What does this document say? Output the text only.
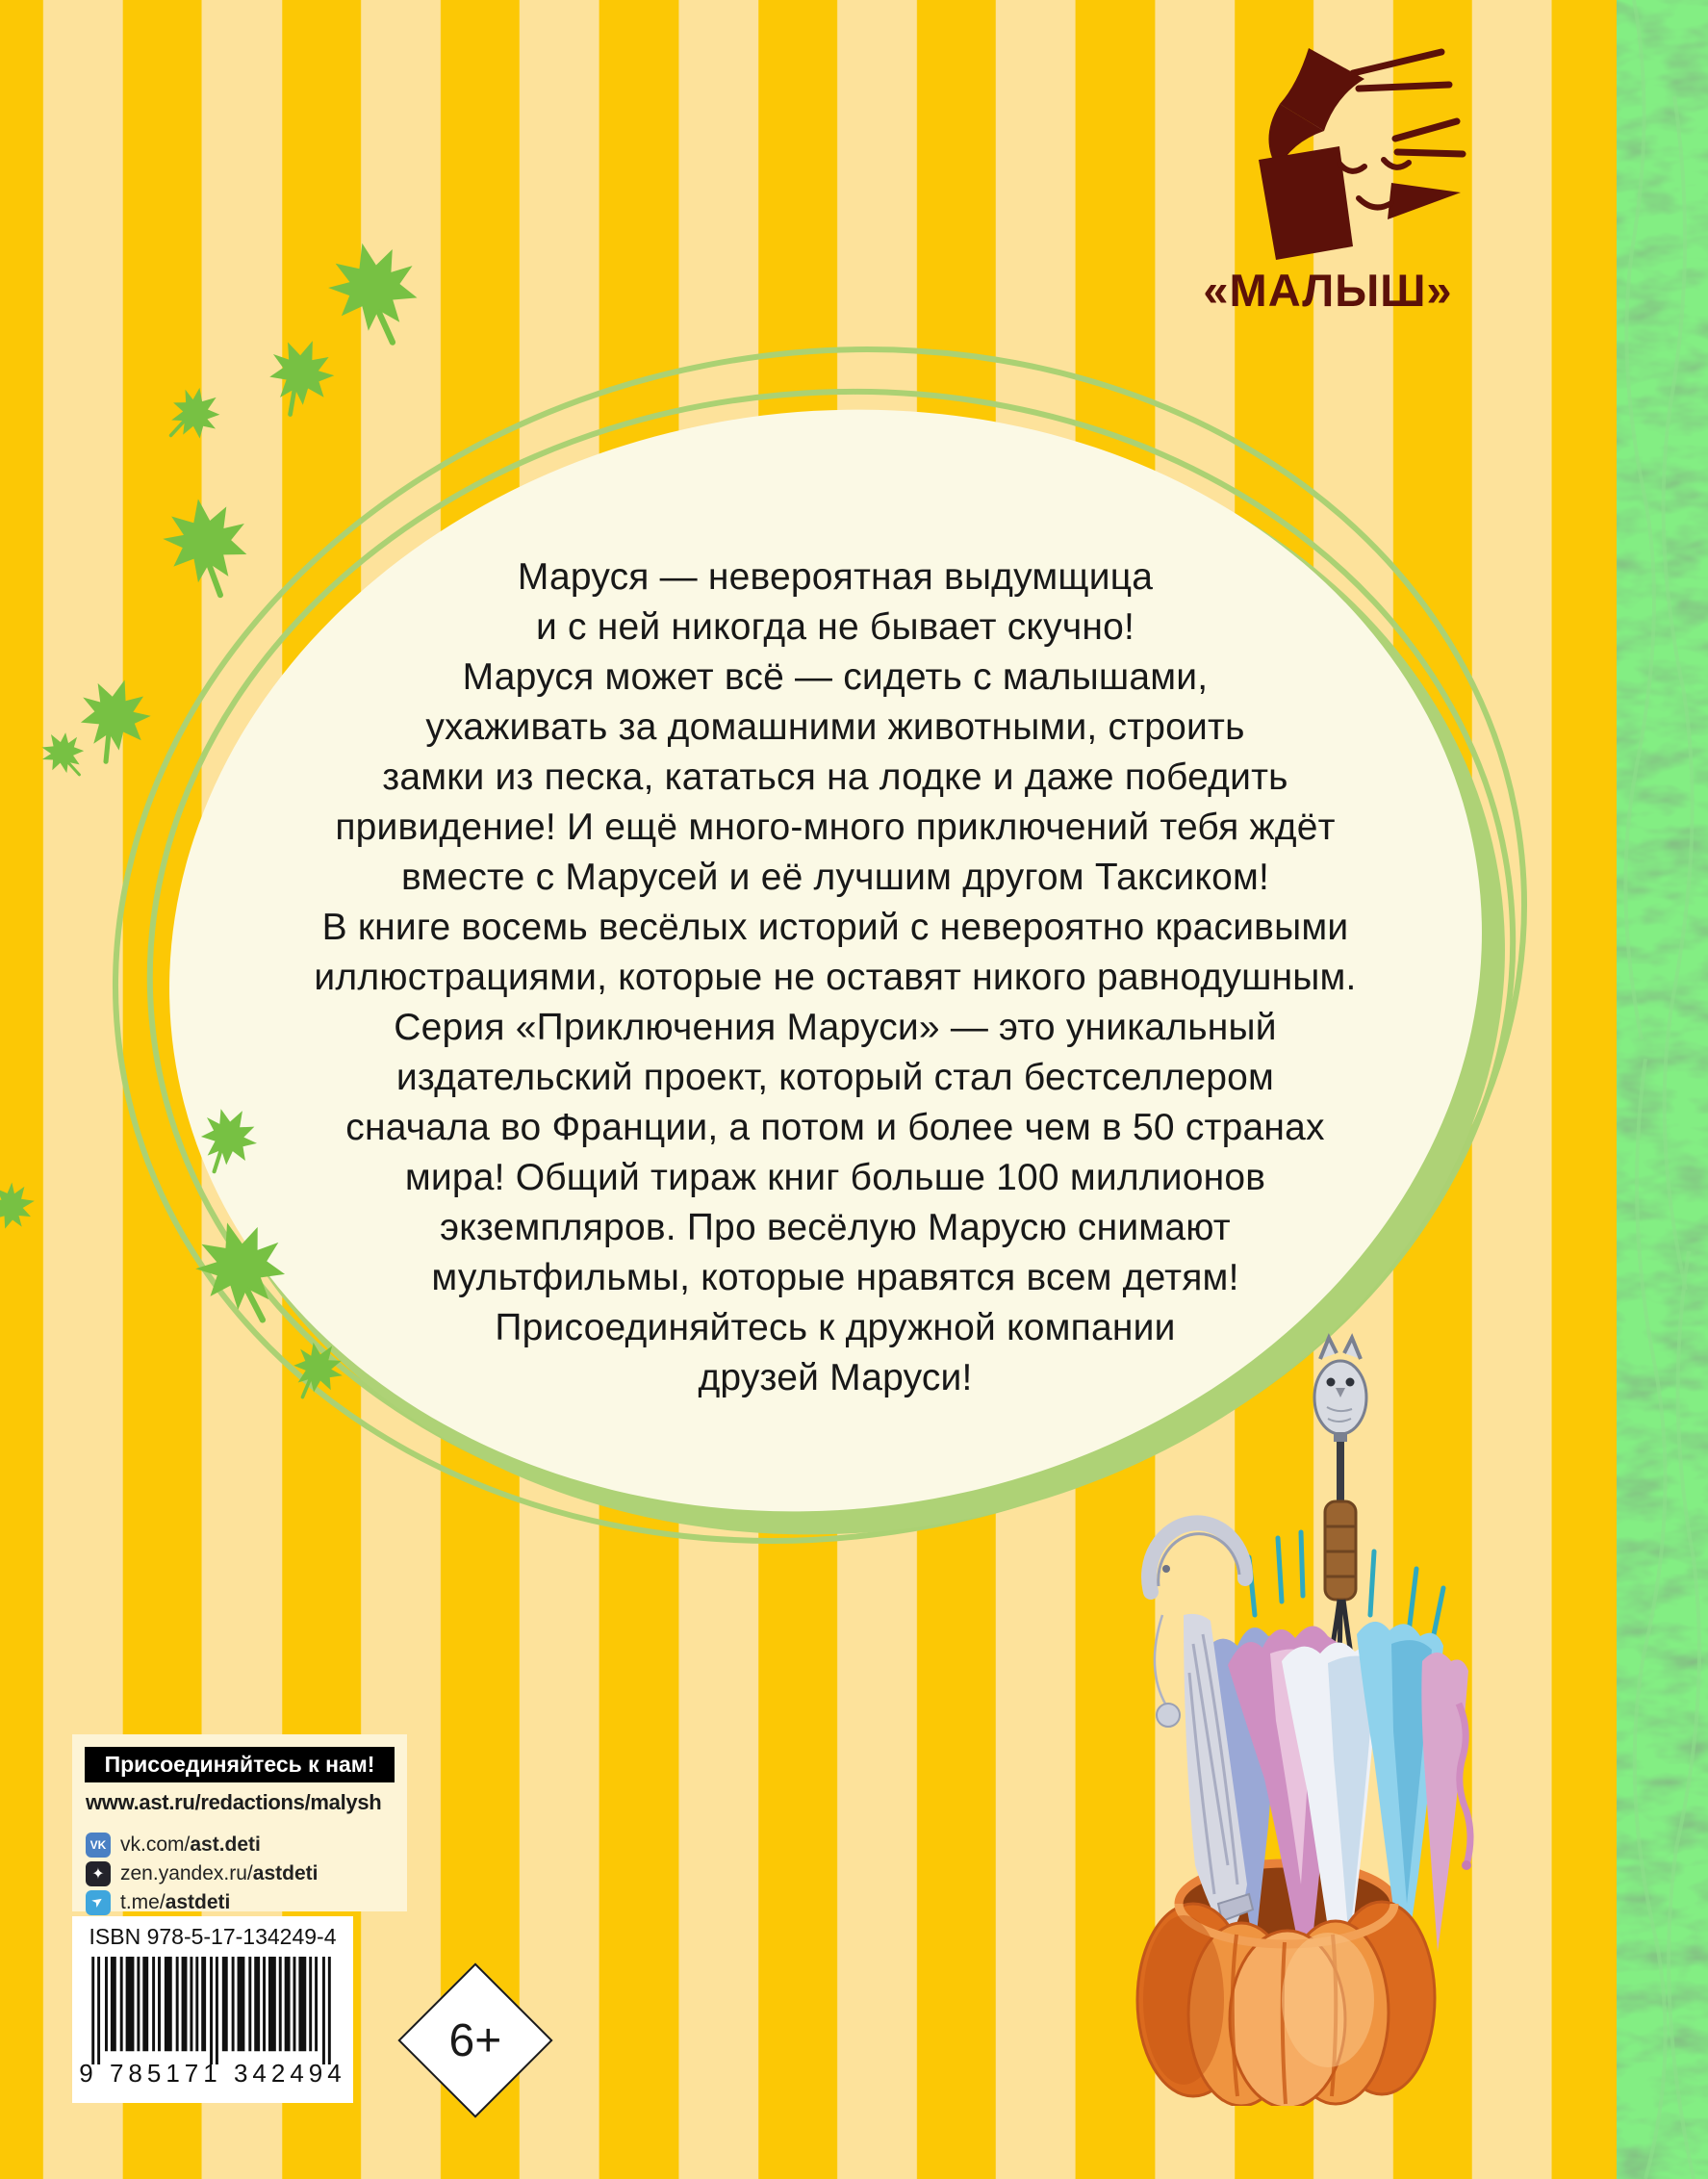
«МАЛЫШ»
Маруся — невероятная выдумщица
и с ней никогда не бывает скучно!
Маруся может всё — сидеть с малышами,
ухаживать за домашними животными, строить
замки из песка, кататься на лодке и даже победить
привидение! И ещё много-много приключений тебя ждёт
вместе с Марусей и её лучшим другом Таксиком!
В книге восемь весёлых историй с невероятно красивыми
иллюстрациями, которые не оставят никого равнодушным.
Серия «Приключения Маруси» — это уникальный
издательский проект, который стал бестселлером
сначала во Франции, а потом и более чем в 50 странах
мира! Общий тираж книг больше 100 миллионов
экземпляров. Про весёлую Марусю снимают
мультфильмы, которые нравятся всем детям!
Присоединяйтесь к дружной компании
друзей Маруси!
Присоединяйтесь к нам!
www.ast.ru/redactions/malysh
VK vk.com/ast.deti
✦ zen.yandex.ru/astdeti
➤ t.me/astdeti
ISBN 978-5-17-134249-4
9 785171 342494
6+
